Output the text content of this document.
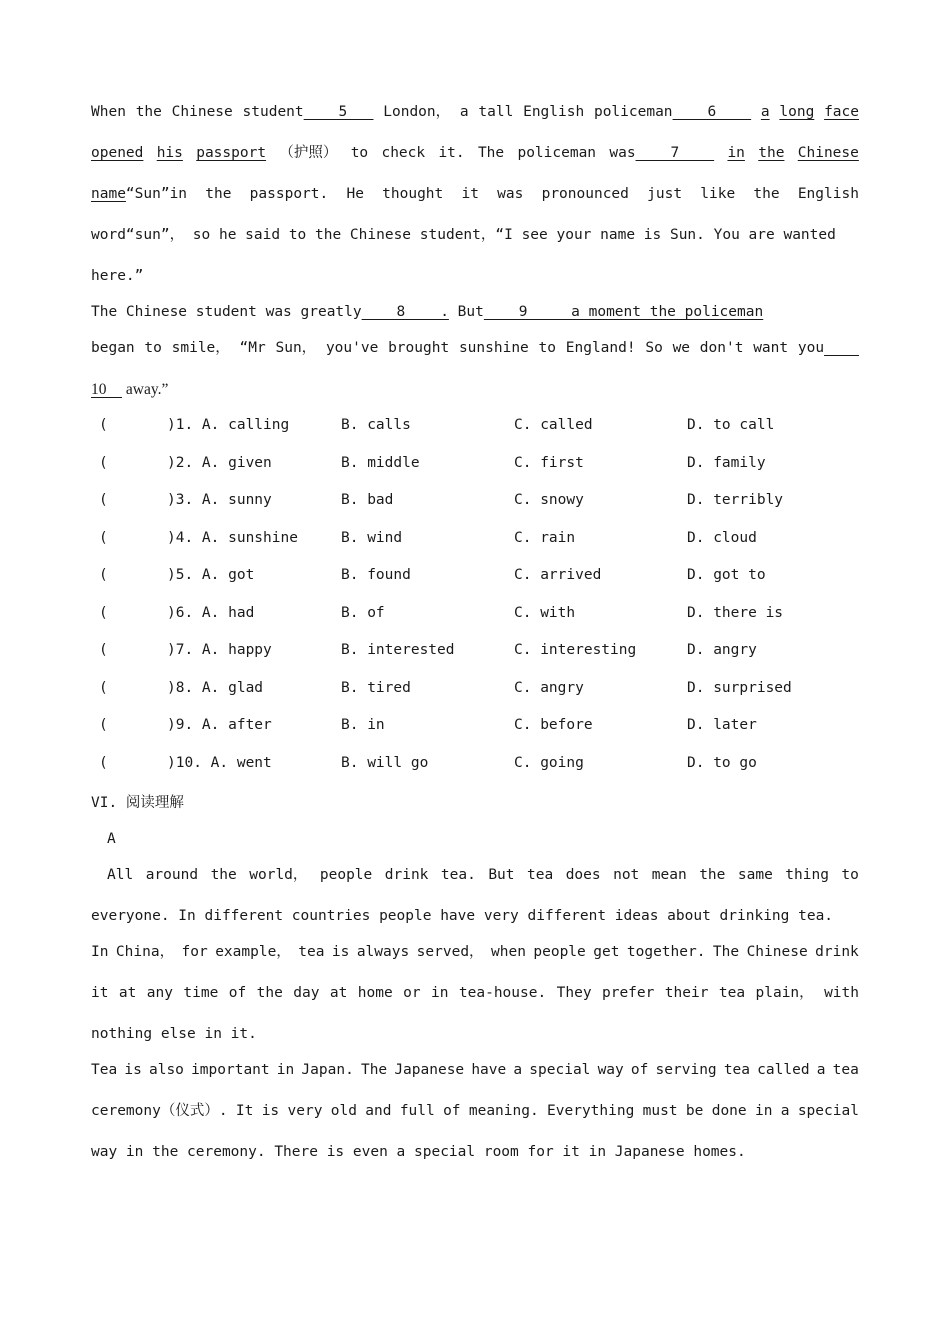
When the Chinese student 5 London， a tall English policeman 6 a long face
opened his passport （护照） to check it. The policeman was 7 in the Chinese
name “Sun”in the passport. He thought it was pronounced just like the English
word“sun”， so he said to the Chinese student，“I see your name is Sun. You are wanted
here.”
The Chinese student was greatly    8    . But    9     a moment the policeman
began to smile， “Mr Sun， you've brought sunshine to England! So we don't want you

10     away.”
(	)1. A. calling	B. calls	C. called	D. to call
(	)2. A. given	B. middle	C. first	D. family
(	)3. A. sunny	B. bad	C. snowy	D. terribly
(	)4. A. sunshine	B. wind	C. rain	D. cloud
(	)5. A. got	B. found	C. arrived	D. got to
(	)6. A. had	B. of	C. with	D. there is
(	)7. A. happy	B. interested	C. interesting	D. angry
(	)8. A. glad	B. tired	C. angry	D. surprised
(	)9. A. after	B. in	C. before	D. later
(	)10. A. went	B. will go	C. going	D. to go
VI. 阅读理解
A
All around the world， people drink tea. But tea does not mean the same thing to
everyone. In different countries people have very different ideas about drinking tea.
In China， for example， tea is always served， when people get together. The Chinese drink
it at any time of the day at home or in tea-house. They prefer their tea plain， with
nothing else in it.
Tea is also important in Japan. The Japanese have a special way of serving tea called a tea
ceremony（仪式）. It is very old and full of meaning. Everything must be done in a special
way in the ceremony. There is even a special room for it in Japanese homes.
